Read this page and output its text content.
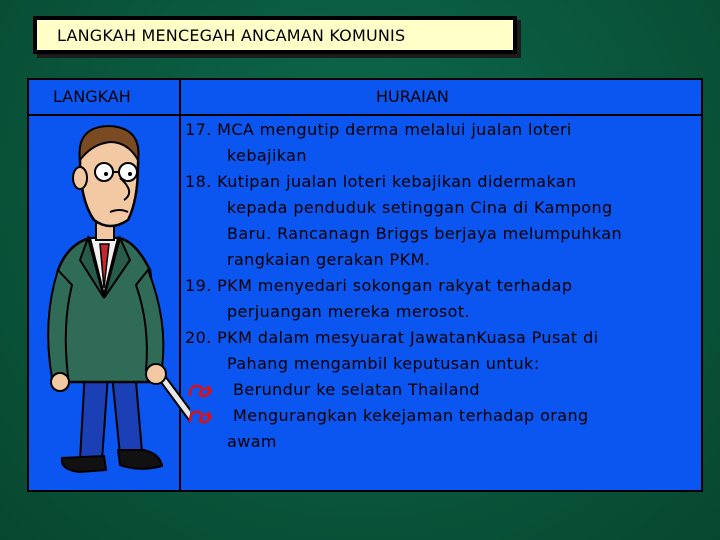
LANGKAH MENCEGAH ANCAMAN KOMUNIS
LANGKAH	HURAIAN
17. MCA mengutip derma melalui jualan loteri
kebajikan
18. Kutipan jualan loteri kebajikan didermakan
kepada penduduk setinggan Cina di Kampong
Baru. Rancanagn Briggs berjaya melumpuhkan
rangkaian gerakan PKM.
19. PKM menyedari sokongan rakyat terhadap
perjuangan mereka merosot.
20. PKM dalam mesyuarat JawatanKuasa Pusat di
Pahang mengambil keputusan untuk:
Berundur ke selatan Thailand
Mengurangkan kekejaman terhadap orang
awam
